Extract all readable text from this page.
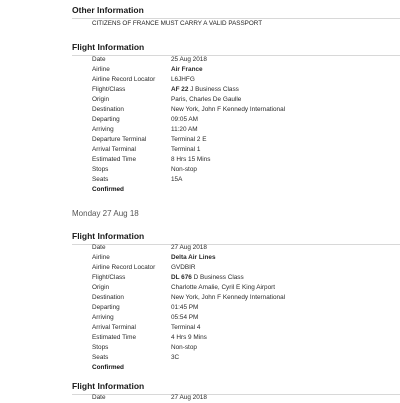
Other Information
CITIZENS OF FRANCE MUST CARRY A VALID PASSPORT
Flight Information
Date	25 Aug 2018
Airline	Air France
Airline Record Locator	L6JHFG
Flight/Class	AF 22 J Business Class
Origin	Paris, Charles De Gaulle
Destination	New York, John F Kennedy International
Departing	09:05 AM
Arriving	11:20 AM
Departure Terminal	Terminal 2 E
Arrival Terminal	Terminal 1
Estimated Time	8 Hrs 15 Mins
Stops	Non-stop
Seats	15A
Confirmed
Monday 27 Aug 18
Flight Information
Date	27 Aug 2018
Airline	Delta Air Lines
Airline Record Locator	GVDBIR
Flight/Class	DL 676 D Business Class
Origin	Charlotte Amalie, Cyril E King Airport
Destination	New York, John F Kennedy International
Departing	01:45 PM
Arriving	05:54 PM
Arrival Terminal	Terminal 4
Estimated Time	4 Hrs 9 Mins
Stops	Non-stop
Seats	3C
Confirmed
Flight Information
Date	27 Aug 2018
